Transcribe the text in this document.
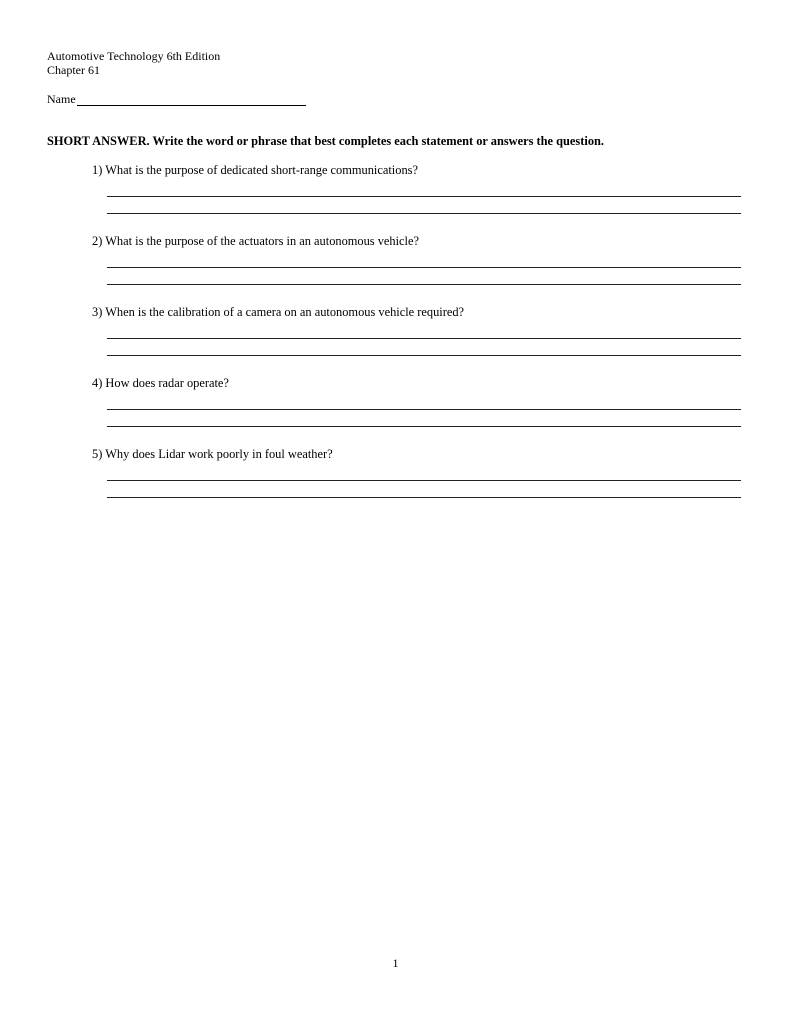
Automotive Technology 6th Edition
Chapter 61
Name
SHORT ANSWER. Write the word or phrase that best completes each statement or answers the question.
1) What is the purpose of dedicated short-range communications?
2) What is the purpose of the actuators in an autonomous vehicle?
3) When is the calibration of a camera on an autonomous vehicle required?
4) How does radar operate?
5) Why does Lidar work poorly in foul weather?
1
